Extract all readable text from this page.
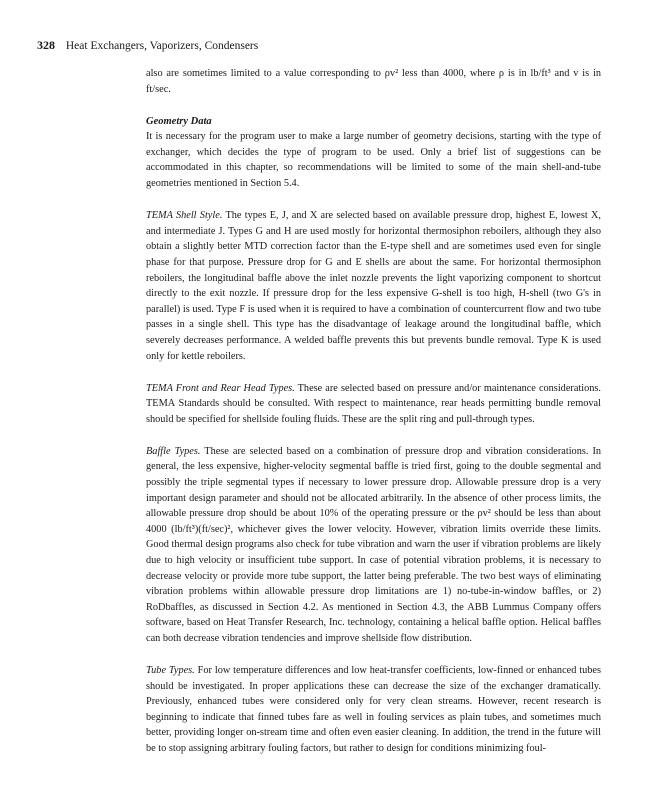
328 Heat Exchangers, Vaporizers, Condensers

also are sometimes limited to a value corresponding to ρv² less than 4000, where ρ is in lb/ft³ and v is in ft/sec.

Geometry Data
It is necessary for the program user to make a large number of geometry decisions, starting with the type of exchanger, which decides the type of program to be used. Only a brief list of suggestions can be accommodated in this chapter, so recommendations will be limited to some of the main shell-and-tube geometries mentioned in Section 5.4.

TEMA Shell Style. The types E, J, and X are selected based on available pressure drop, highest E, lowest X, and intermediate J. Types G and H are used mostly for horizontal thermosiphon reboilers, although they also obtain a slightly better MTD correction factor than the E-type shell and are sometimes used even for single phase for that purpose. Pressure drop for G and E shells are about the same. For horizontal thermosiphon reboilers, the longitudinal baffle above the inlet nozzle prevents the light vaporizing component to shortcut directly to the exit nozzle. If pressure drop for the less expensive G-shell is too high, H-shell (two G's in parallel) is used. Type F is used when it is required to have a combination of countercurrent flow and two tube passes in a single shell. This type has the disadvantage of leakage around the longitudinal baffle, which severely decreases performance. A welded baffle prevents this but prevents bundle removal. Type K is used only for kettle reboilers.

TEMA Front and Rear Head Types. These are selected based on pressure and/or maintenance considerations. TEMA Standards should be consulted. With respect to maintenance, rear heads permitting bundle removal should be specified for shellside fouling fluids. These are the split ring and pull-through types.

Baffle Types. These are selected based on a combination of pressure drop and vibration considerations. In general, the less expensive, higher-velocity segmental baffle is tried first, going to the double segmental and possibly the triple segmental types if necessary to lower pressure drop. Allowable pressure drop is a very important design parameter and should not be allocated arbitrarily. In the absence of other process limits, the allowable pressure drop should be about 10% of the operating pressure or the ρv² should be less than about 4000 (lb/ft³)(ft/sec)², whichever gives the lower velocity. However, vibration limits override these limits. Good thermal design programs also check for tube vibration and warn the user if vibration problems are likely due to high velocity or insufficient tube support. In case of potential vibration problems, it is necessary to decrease velocity or provide more tube support, the latter being preferable. The two best ways of eliminating vibration problems within allowable pressure drop limitations are 1) no-tube-in-window baffles, or 2) RoDbaffles, as discussed in Section 4.2. As mentioned in Section 4.3, the ABB Lummus Company offers software, based on Heat Transfer Research, Inc. technology, containing a helical baffle option. Helical baffles can both decrease vibration tendencies and improve shellside flow distribution.

Tube Types. For low temperature differences and low heat-transfer coefficients, low-finned or enhanced tubes should be investigated. In proper applications these can decrease the size of the exchanger dramatically. Previously, enhanced tubes were considered only for very clean streams. However, recent research is beginning to indicate that finned tubes fare as well in fouling services as plain tubes, and sometimes much better, providing longer on-stream time and often even easier cleaning. In addition, the trend in the future will be to stop assigning arbitrary fouling factors, but rather to design for conditions minimizing foul-
